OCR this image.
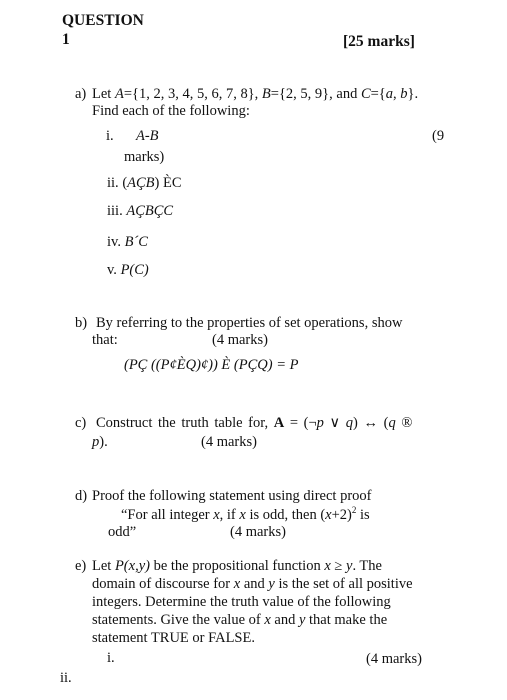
QUESTION
1	[25 marks]
a) Let A={1, 2, 3, 4, 5, 6, 7, 8}, B={2, 5, 9}, and C={a, b}.
Find each of the following:
i. A-B	(9
marks)
ii. (AÇB) ÈC
iii. AÇBÇC
iv. B´C
v. P(C)
b) By referring to the properties of set operations, show
that:	(4 marks)
(PÇ ((P¢ÈQ)¢)) È (PÇQ) = P
c) Construct the truth table for, A = (¬p ∨ q) ↔ (q ®
p).	(4 marks)
d) Proof the following statement using direct proof
“For all integer x, if x is odd, then $(x+2)^2$ is
odd”	(4 marks)
e) Let P(x,y) be the propositional function x ≥ y. The
domain of discourse for x and y is the set of all positive
integers. Determine the truth value of the following
statements. Give the value of x and y that make the
statement TRUE or FALSE.
i.	(4 marks)
ii.
